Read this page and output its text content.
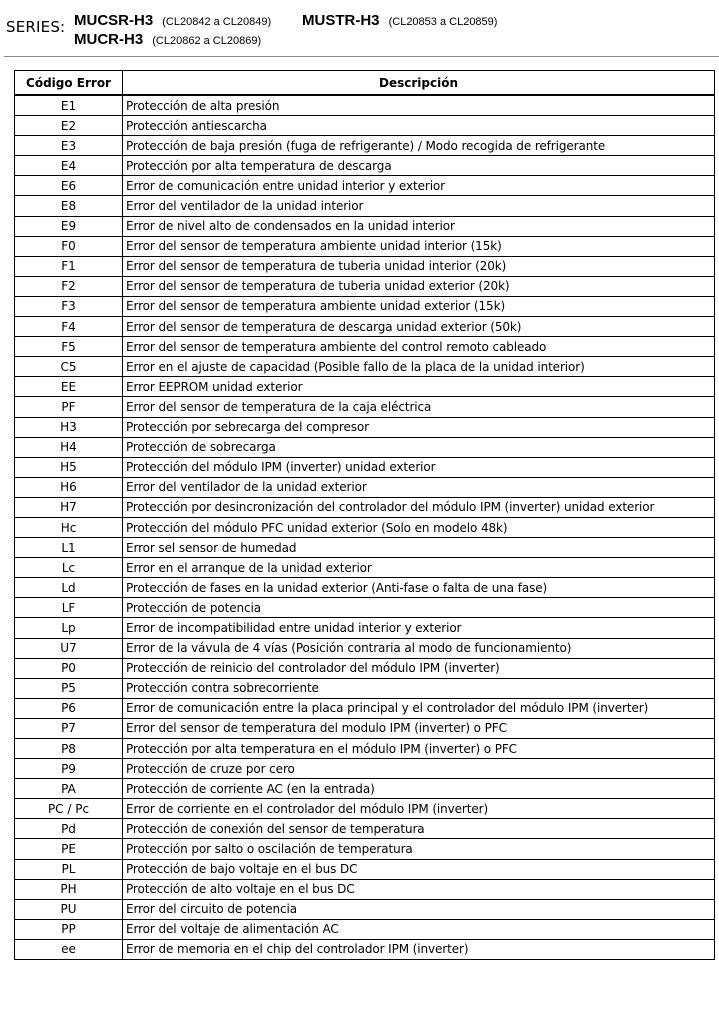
SERIES: MUCSR-H3 (CL20842 a CL20849) MUSTR-H3 (CL20853 a CL20859)
MUCR-H3 (CL20862 a CL20869)
Código Error	Descripción
E1	Protección de alta presión
E2	Protección antiescarcha
E3	Protección de baja presión (fuga de refrigerante) / Modo recogida de refrigerante
E4	Protección por alta temperatura de descarga
E6	Error de comunicación entre unidad interior y exterior
E8	Error del ventilador de la unidad interior
E9	Error de nivel alto de condensados en la unidad interior
F0	Error del sensor de temperatura ambiente unidad interior (15k)
F1	Error del sensor de temperatura de tuberia unidad interior (20k)
F2	Error del sensor de temperatura de tuberia unidad exterior (20k)
F3	Error del sensor de temperatura ambiente unidad exterior (15k)
F4	Error del sensor de temperatura de descarga unidad exterior (50k)
F5	Error del sensor de temperatura ambiente del control remoto cableado
C5	Error en el ajuste de capacidad (Posible fallo de la placa de la unidad interior)
EE	Error EEPROM unidad exterior
PF	Error del sensor de temperatura de la caja eléctrica
H3	Protección por sebrecarga del compresor
H4	Protección de sobrecarga
H5	Protección del módulo IPM (inverter) unidad exterior
H6	Error del ventilador de la unidad exterior
H7	Protección por desincronización del controlador del módulo IPM (inverter) unidad exterior
Hc	Protección del módulo PFC unidad exterior (Solo en modelo 48k)
L1	Error sel sensor de humedad
Lc	Error en el arranque de la unidad exterior
Ld	Protección de fases en la unidad exterior (Anti-fase o falta de una fase)
LF	Protección de potencia
Lp	Error de incompatibilidad entre unidad interior y exterior
U7	Error de la vávula de 4 vías (Posición contraria al modo de funcionamiento)
P0	Protección de reinicio del controlador del módulo IPM (inverter)
P5	Protección contra sobrecorriente
P6	Error de comunicación entre la placa principal y el controlador del módulo IPM (inverter)
P7	Error del sensor de temperatura del modulo IPM (inverter) o PFC
P8	Protección por alta temperatura en el módulo IPM (inverter) o PFC
P9	Protección de cruze por cero
PA	Protección de corriente AC (en la entrada)
PC / Pc	Error de corriente en el controlador del módulo IPM (inverter)
Pd	Protección de conexión del sensor de temperatura
PE	Protección por salto o oscilación de temperatura
PL	Protección de bajo voltaje en el bus DC
PH	Protección de alto voltaje en el bus DC
PU	Error del circuito de potencia
PP	Error del voltaje de alimentación AC
ee	Error de memoria en el chip del controlador IPM (inverter)
